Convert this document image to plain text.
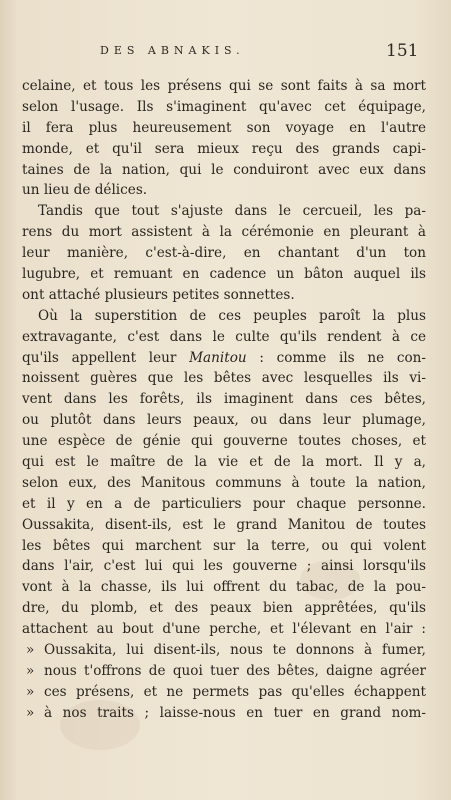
DES ABNAKIS.	151
celaine, et tous les présens qui se sont faits à sa mort
selon l'usage. Ils s'imaginent qu'avec cet équipage,
il fera plus heureusement son voyage en l'autre
monde, et qu'il sera mieux reçu des grands capi-
taines de la nation, qui le conduiront avec eux dans
un lieu de délices.
Tandis que tout s'ajuste dans le cercueil, les pa-
rens du mort assistent à la cérémonie en pleurant à
leur manière, c'est-à-dire, en chantant d'un ton
lugubre, et remuant en cadence un bâton auquel ils
ont attaché plusieurs petites sonnettes.
Où la superstition de ces peuples paroît la plus
extravagante, c'est dans le culte qu'ils rendent à ce
qu'ils appellent leur Manitou : comme ils ne con-
noissent guères que les bêtes avec lesquelles ils vi-
vent dans les forêts, ils imaginent dans ces bêtes,
ou plutôt dans leurs peaux, ou dans leur plumage,
une espèce de génie qui gouverne toutes choses, et
qui est le maître de la vie et de la mort. Il y a,
selon eux, des Manitous communs à toute la nation,
et il y en a de particuliers pour chaque personne.
Oussakita, disent-ils, est le grand Manitou de toutes
les bêtes qui marchent sur la terre, ou qui volent
dans l'air, c'est lui qui les gouverne ; ainsi lorsqu'ils
vont à la chasse, ils lui offrent du tabac, de la pou-
dre, du plomb, et des peaux bien apprêtées, qu'ils
attachent au bout d'une perche, et l'élevant en l'air :
» Oussakita, lui disent-ils, nous te donnons à fumer,
» nous t'offrons de quoi tuer des bêtes, daigne agréer
» ces présens, et ne permets pas qu'elles échappent
» à nos traits ; laisse-nous en tuer en grand nom-
